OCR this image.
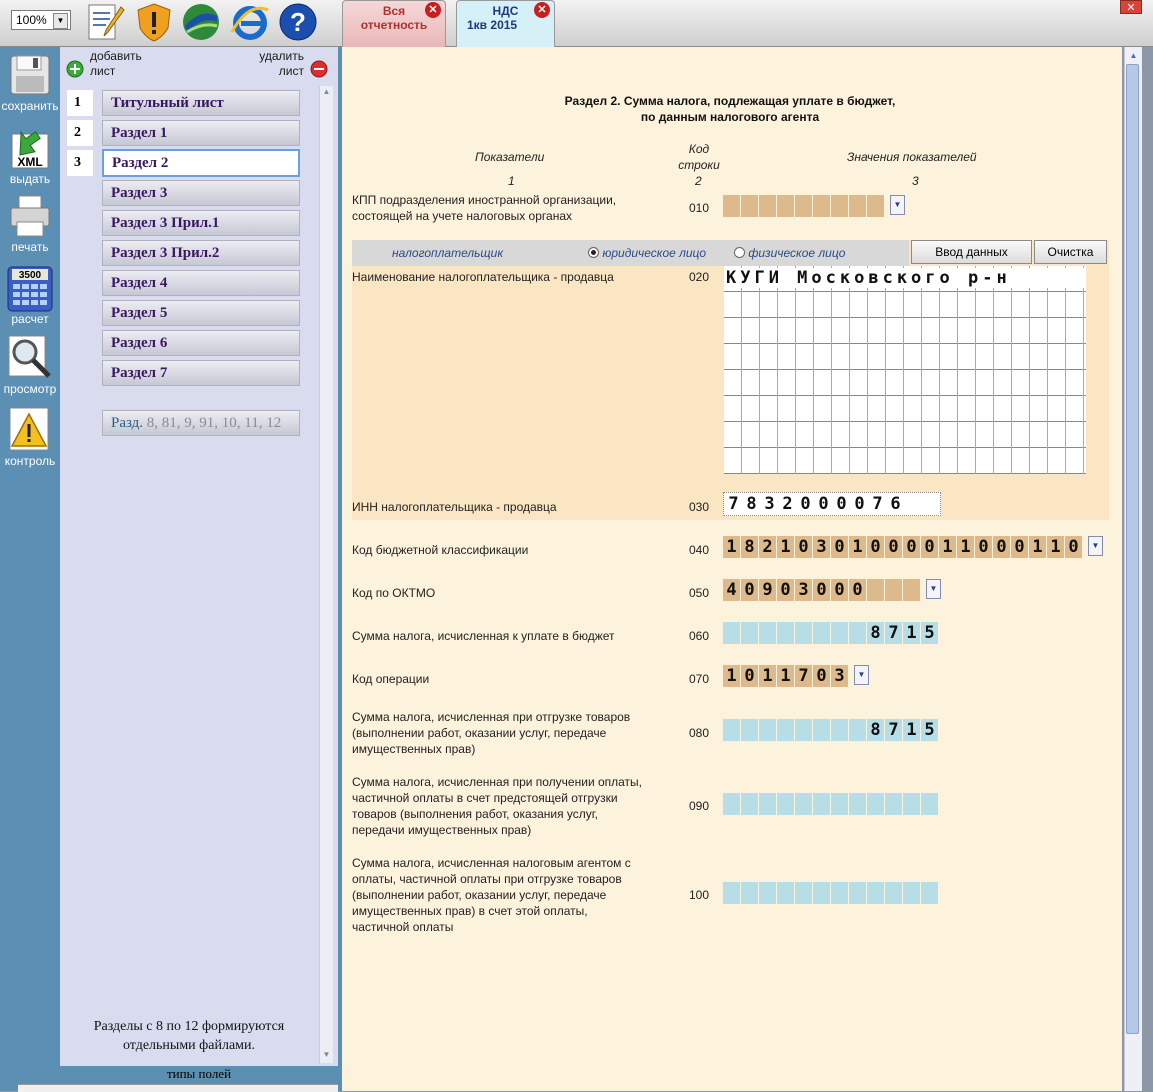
100%	▼	?	Вся
отчетность
✕	НДС
1кв 2015
✕	✕
сохранить
XML
выдать
печать
3500
расчет
просмотр
контроль
добавить
лист
удалить
лист
1
2
3
Титульный лист
Раздел 1
Раздел 2
Раздел 3
Раздел 3 Прил.1
Раздел 3 Прил.2
Раздел 4
Раздел 5
Раздел 6
Раздел 7
Разд. 8, 81, 9, 91, 10, 11, 12
▲
▼
Разделы с 8 по 12 формируются
отдельными файлами.
типы полей
▲
Раздел 2. Сумма налога, подлежащая уплате в бюджет,
по данным налогового агента
Показатели
Код
строки
Значения показателей
1	2	3
КПП подразделения иностранной организации,
состоящей на учете налоговых органах
010	▼
налогоплательщик	юридическое лицо	физическое лицо	Ввод данных	Очистка
Наименование налогоплательщика - продавца	020 КУГИ Московского р-н
ИНН налогоплательщика - продавца	030 7 8 3 2 0 0 0 0 7 6
Код бюджетной классификации	040 1 8 2 1 0 3 0 1 0 0 0 0 1 1 0 0 0 1 1 0	▼
Код по ОКТМО	050 4 0 9 0 3 0 0 0	▼
Сумма налога, исчисленная к уплате в бюджет	060	8 7 1 5
Код операции	070 1 0 1 1 7 0 3	▼
Сумма налога, исчисленная при отгрузке товаров
(выполнении работ, оказании услуг, передаче
имущественных прав)
080	8 7 1 5
Сумма налога, исчисленная при получении оплаты,
частичной оплаты в счет предстоящей отгрузки
товаров (выполнения работ, оказания услуг,
передачи имущественных прав)
090
Сумма налога, исчисленная налоговым агентом с
оплаты, частичной оплаты при отгрузке товаров
(выполнении работ, оказании услуг, передаче
имущественных прав) в счет этой оплаты,
частичной оплаты
100
